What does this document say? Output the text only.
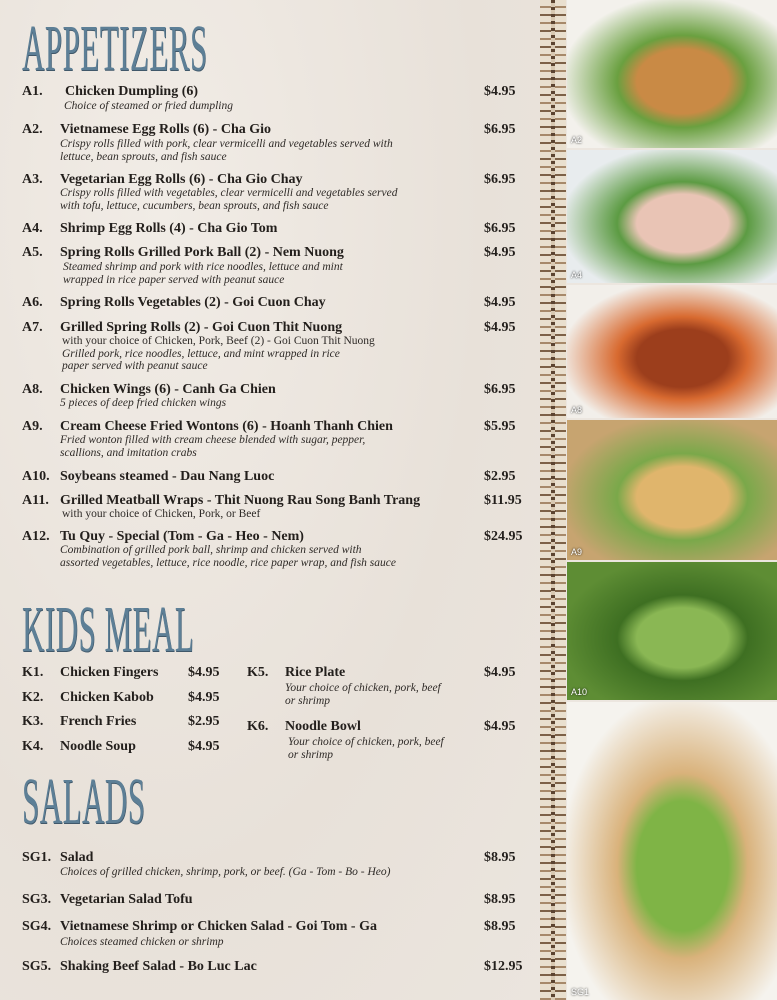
APPETIZERS
KIDS MEAL
SALADS
A1. Chicken Dumpling (6)	$4.95
Choice of steamed or fried dumpling
A2. Vietnamese Egg Rolls (6) - Cha Gio	$6.95
Crispy rolls filled with pork, clear vermicelli and vegetables served with
lettuce, bean sprouts, and fish sauce
A3. Vegetarian Egg Rolls (6) - Cha Gio Chay	$6.95
Crispy rolls filled with vegetables, clear vermicelli and vegetables served
with tofu, lettuce, cucumbers, bean sprouts, and fish sauce
A4. Shrimp Egg Rolls (4) - Cha Gio Tom	$6.95
A5. Spring Rolls Grilled Pork Ball (2) - Nem Nuong	$4.95
Steamed shrimp and pork with rice noodles, lettuce and mint
wrapped in rice paper served with peanut sauce
A6. Spring Rolls Vegetables (2) - Goi Cuon Chay	$4.95
A7. Grilled Spring Rolls (2) - Goi Cuon Thit Nuong	$4.95
with your choice of Chicken, Pork, Beef (2) - Goi Cuon Thit Nuong
Grilled pork, rice noodles, lettuce, and mint wrapped in rice
paper served with peanut sauce
A8. Chicken Wings (6) - Canh Ga Chien	$6.95
5 pieces of deep fried chicken wings
A9. Cream Cheese Fried Wontons (6) - Hoanh Thanh Chien	$5.95
Fried wonton filled with cream cheese blended with sugar, pepper,
scallions, and imitation crabs
A10. Soybeans steamed - Dau Nang Luoc	$2.95
A11. Grilled Meatball Wraps - Thit Nuong Rau Song Banh Trang	$11.95
with your choice of Chicken, Pork, or Beef
A12. Tu Quy - Special (Tom - Ga - Heo - Nem)	$24.95
Combination of grilled pork ball, shrimp and chicken served with
assorted vegetables, lettuce, rice noodle, rice paper wrap, and fish sauce
K1. Chicken Fingers $4.95
K2. Chicken Kabob $4.95
K3. French Fries	$2.95
K4. Noodle Soup	$4.95
K5. Rice Plate	$4.95
Your choice of chicken, pork, beef
or shrimp
K6. Noodle Bowl	$4.95
Your choice of chicken, pork, beef
or shrimp
SG1. Salad	$8.95
Choices of grilled chicken, shrimp, pork, or beef. (Ga - Tom - Bo - Heo)
SG3. Vegetarian Salad Tofu	$8.95
SG4. Vietnamese Shrimp or Chicken Salad - Goi Tom - Ga	$8.95
Choices steamed chicken or shrimp
SG5. Shaking Beef Salad - Bo Luc Lac	$12.95
A2
A4
A8
A9
A10
SG1
